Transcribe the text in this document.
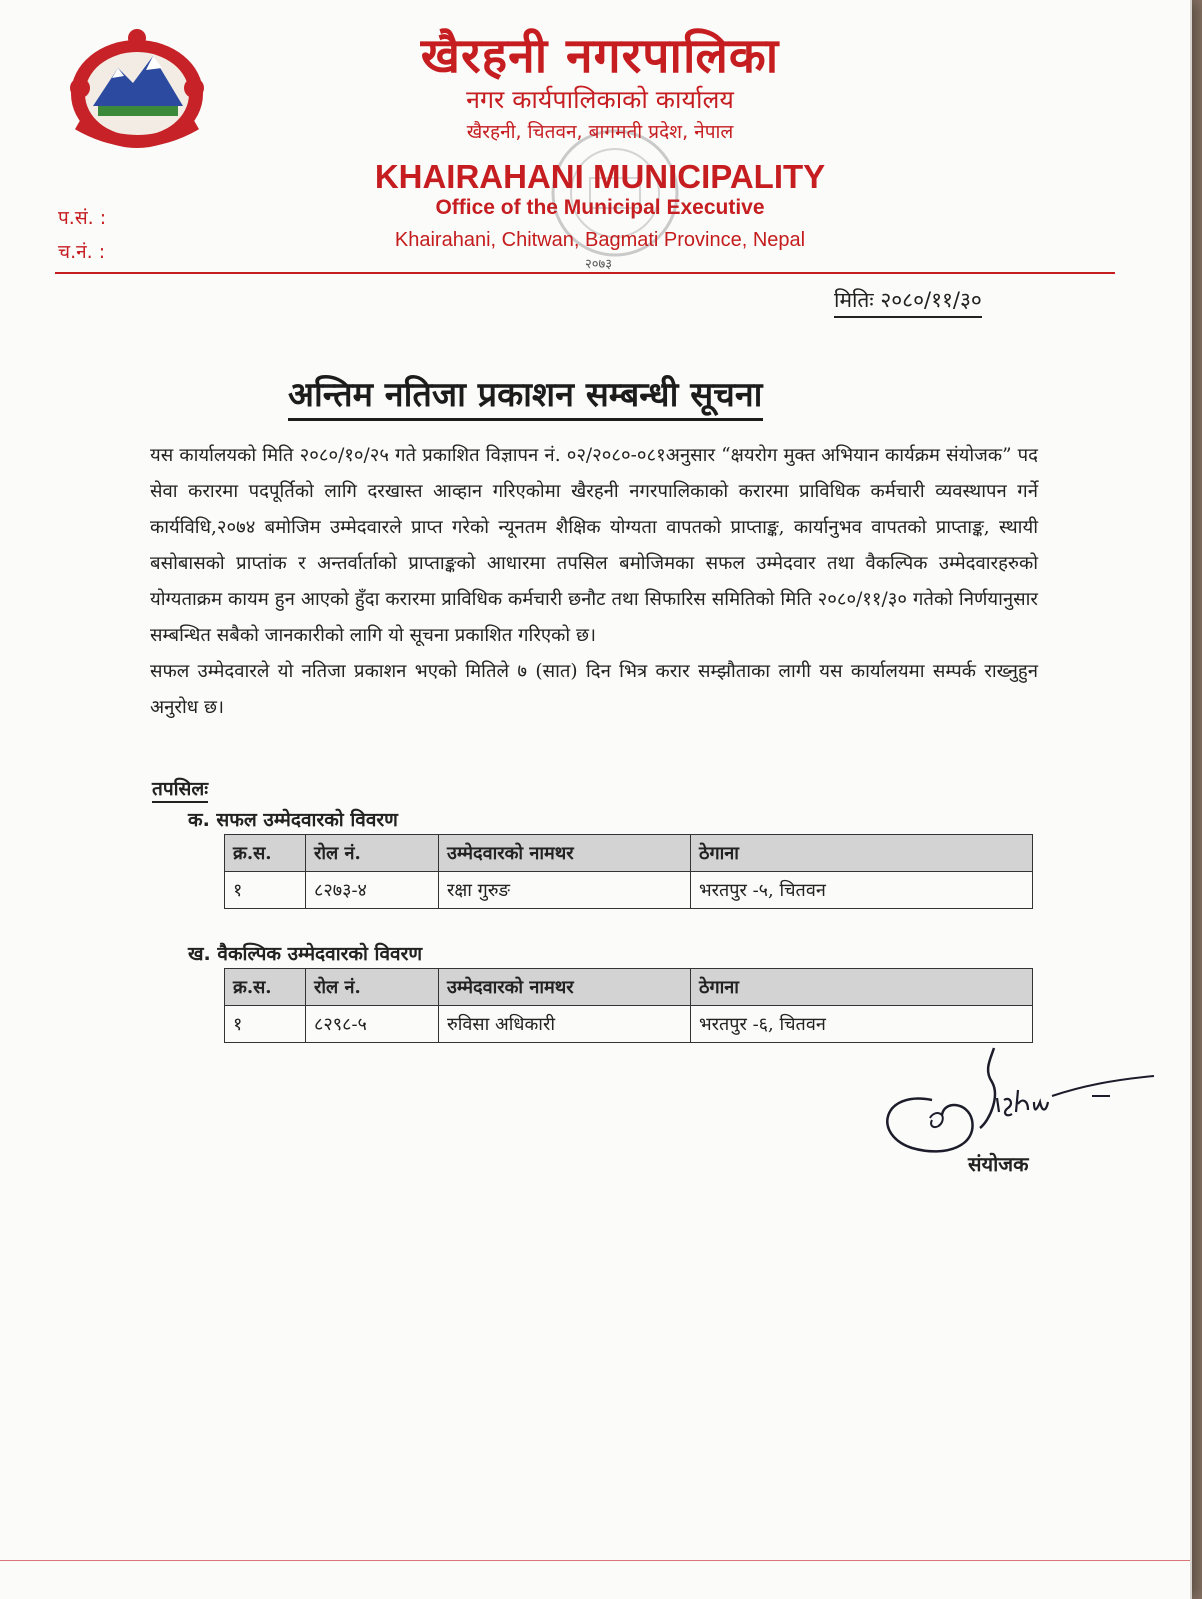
खैरहनी नगरपालिका
नगर कार्यपालिकाको कार्यालय
खैरहनी, चितवन, बागमती प्रदेश, नेपाल
KHAIRAHANI MUNICIPALITY
Office of the Municipal Executive
Khairahani, Chitwan, Bagmati Province, Nepal
२०७३
प.सं. :
च.नं. :
मितिः २०८०/११/३०
अन्तिम नतिजा प्रकाशन सम्बन्धी सूचना
यस कार्यालयको मिति २०८०/१०/२५ गते प्रकाशित विज्ञापन नं. ०२/२०८०-०८१अनुसार “क्षयरोग मुक्त अभियान कार्यक्रम संयोजक” पद सेवा करारमा पदपूर्तिको लागि दरखास्त आव्हान गरिएकोमा खैरहनी नगरपालिकाको करारमा प्राविधिक कर्मचारी व्यवस्थापन गर्ने कार्यविधि,२०७४ बमोजिम उम्मेदवारले प्राप्त गरेको न्यूनतम शैक्षिक योग्यता वापतको प्राप्ताङ्क, कार्यानुभव वापतको प्राप्ताङ्क, स्थायी बसोबासको प्राप्तांक र अन्तर्वार्ताको प्राप्ताङ्कको आधारमा तपसिल बमोजिमका सफल उम्मेदवार तथा वैकल्पिक उम्मेदवारहरुको योग्यताक्रम कायम हुन आएको हुँदा करारमा प्राविधिक कर्मचारी छनौट तथा सिफारिस समितिको मिति २०८०/११/३० गतेको निर्णयानुसार सम्बन्धित सबैको जानकारीको लागि यो सूचना प्रकाशित गरिएको छ।
सफल उम्मेदवारले यो नतिजा प्रकाशन भएको मितिले ७ (सात) दिन भित्र करार सम्झौताका लागी यस कार्यालयमा सम्पर्क राख्नुहुन अनुरोध छ।
तपसिलः
क. सफल उम्मेदवारको विवरण
क्र.स.	रोल नं.	उम्मेदवारको नामथर	ठेगाना
१	८२७३-४	रक्षा गुरुङ	भरतपुर -५, चितवन
ख. वैकल्पिक उम्मेदवारको विवरण
क्र.स.	रोल नं.	उम्मेदवारको नामथर	ठेगाना
१	८२९८-५	रुविसा अधिकारी	भरतपुर -६, चितवन
संयोजक
